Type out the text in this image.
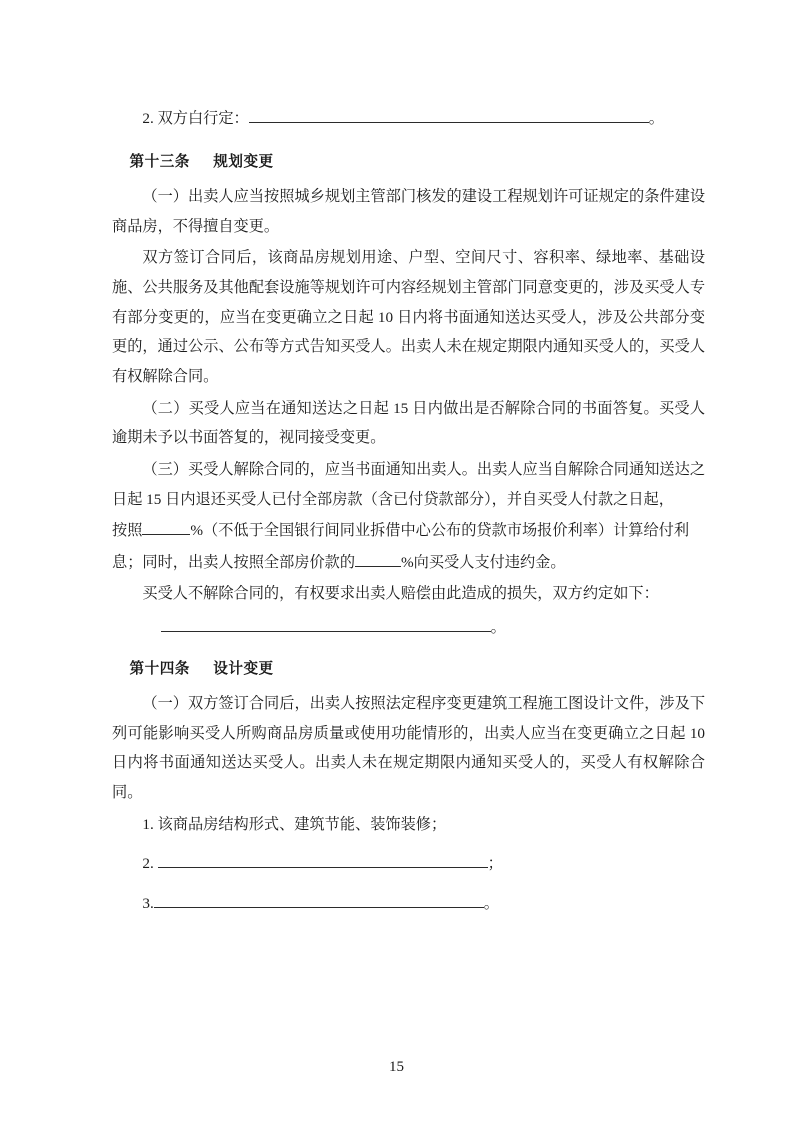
2. 双方白行定：	。
第十三条 规划变更

（一）出卖人应当按照城乡规划主管部门核发的建设工程规划许可证规定的条件建设商品房，不得擅自变更。

双方签订合同后，该商品房规划用途、户型、空间尺寸、容积率、绿地率、基础设施、公共服务及其他配套设施等规划许可内容经规划主管部门同意变更的，涉及买受人专有部分变更的，应当在变更确立之日起 10 日内将书面通知送达买受人，涉及公共部分变更的，通过公示、公布等方式告知买受人。出卖人未在规定期限内通知买受人的，买受人有权解除合同。

（二）买受人应当在通知送达之日起 15 日内做出是否解除合同的书面答复。买受人逾期未予以书面答复的，视同接受变更。

（三）买受人解除合同的，应当书面通知出卖人。出卖人应当自解除合同通知送达之日起 15 日内退还买受人已付全部房款（含已付贷款部分），并自买受人付款之日起，

按照	%（不低于全国银行间同业拆借中心公布的贷款市场报价利率）计算给付利
息；同时，出卖人按照全部房价款的	%向买受人支付违约金。

买受人不解除合同的，有权要求出卖人赔偿由此造成的损失，双方约定如下：

。
第十四条 设计变更

（一）双方签订合同后，出卖人按照法定程序变更建筑工程施工图设计文件，涉及下列可能影响买受人所购商品房质量或使用功能情形的，出卖人应当在变更确立之日起 10 日内将书面通知送达买受人。出卖人未在规定期限内通知买受人的，买受人有权解除合同。

1. 该商品房结构形式、建筑节能、装饰装修；

2.	；
3.	。
15
